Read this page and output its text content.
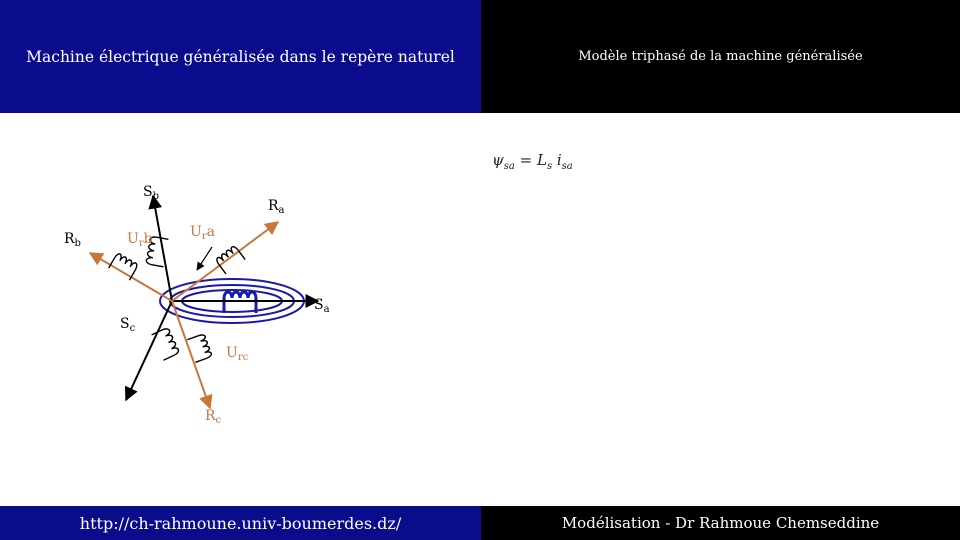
Machine électrique généralisée dans le repère naturel	Modèle triphasé de la machine généralisée
$\psi_{sa} = L_s$ $i_{sa}$
$S_b$
$R_a$
$R_b$	$U_rb$	$U_ra$
$S_a$
$S_c$
$U_{rc}$
$R_c$
http://ch-rahmoune.univ-boumerdes.dz/	Modélisation - Dr Rahmoue Chemseddine
